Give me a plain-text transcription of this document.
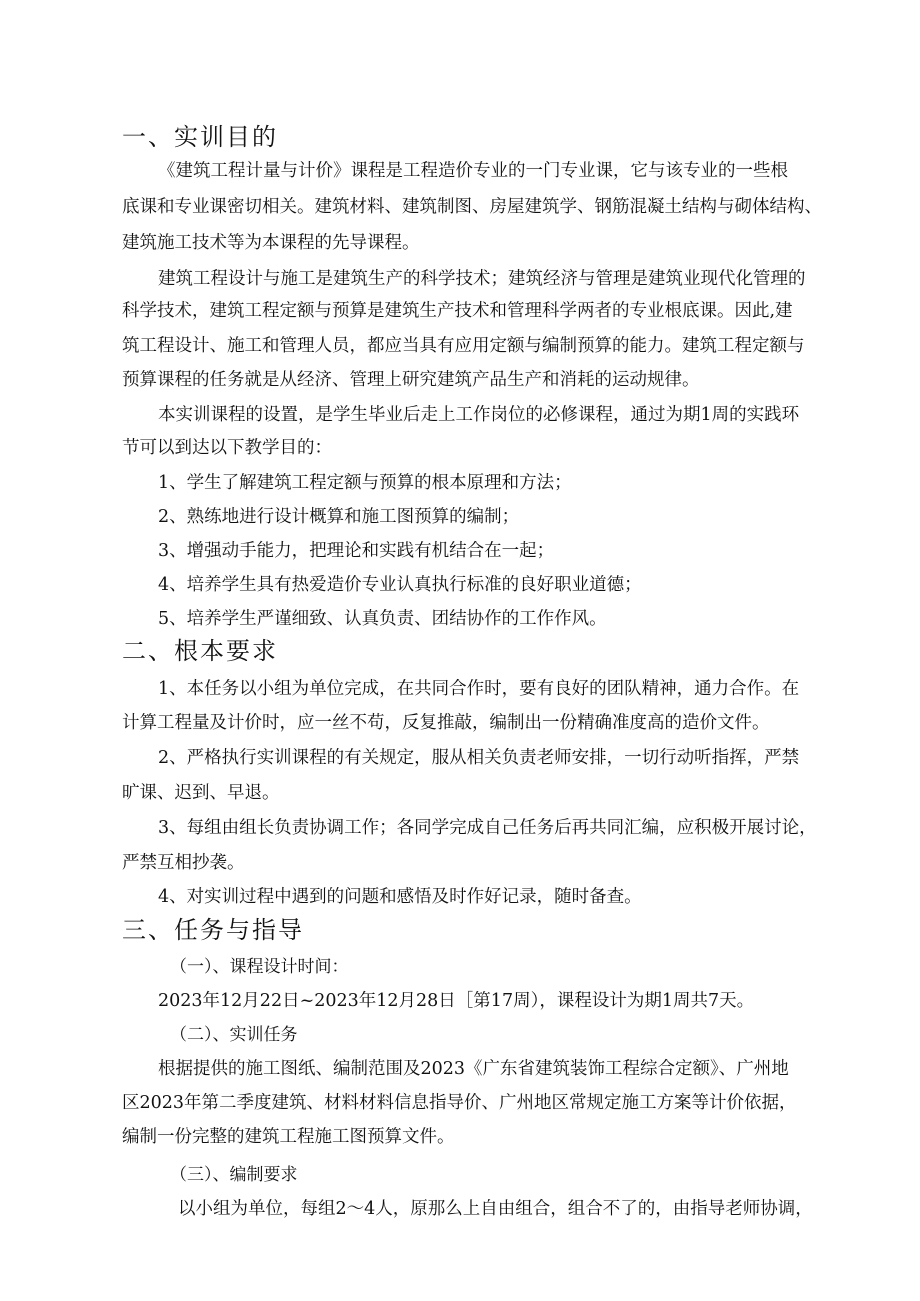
一、实训目的

《建筑工程计量与计价》课程是工程造价专业的一门专业课，它与该专业的一些根

底课和专业课密切相关。建筑材料、建筑制图、房屋建筑学、钢筋混凝土结构与砌体结构、

建筑施工技术等为本课程的先导课程。

建筑工程设计与施工是建筑生产的科学技术；建筑经济与管理是建筑业现代化管理的

科学技术，建筑工程定额与预算是建筑生产技术和管理科学两者的专业根底课。因此,建

筑工程设计、施工和管理人员，都应当具有应用定额与编制预算的能力。建筑工程定额与

预算课程的任务就是从经济、管理上研究建筑产品生产和消耗的运动规律。

本实训课程的设置，是学生毕业后走上工作岗位的必修课程，通过为期1周的实践环

节可以到达以下教学目的：

1、学生了解建筑工程定额与预算的根本原理和方法；

2、熟练地进行设计概算和施工图预算的编制；

3、增强动手能力，把理论和实践有机结合在一起；

4、培养学生具有热爱造价专业认真执行标准的良好职业道德；

5、培养学生严谨细致、认真负责、团结协作的工作作风。

二、根本要求

1、本任务以小组为单位完成，在共同合作时，要有良好的团队精神，通力合作。在

计算工程量及计价时，应一丝不苟，反复推敲，编制出一份精确准度高的造价文件。

2、严格执行实训课程的有关规定，服从相关负责老师安排，一切行动听指挥，严禁

旷课、迟到、早退。

3、每组由组长负责协调工作；各同学完成自己任务后再共同汇编，应积极开展讨论，

严禁互相抄袭。

4、对实训过程中遇到的问题和感悟及时作好记录，随时备查。

三、任务与指导

（一）、课程设计时间：

2023年12月22日~2023年12月28日［第17周），课程设计为期1周共7天。

（二）、实训任务

根据提供的施工图纸、编制范围及2023《广东省建筑装饰工程综合定额》、广州地

区2023年第二季度建筑、材料材料信息指导价、广州地区常规定施工方案等计价依据，

编制一份完整的建筑工程施工图预算文件。

（三）、编制要求

以小组为单位，每组2～4人，原那么上自由组合，组合不了的，由指导老师协调，
